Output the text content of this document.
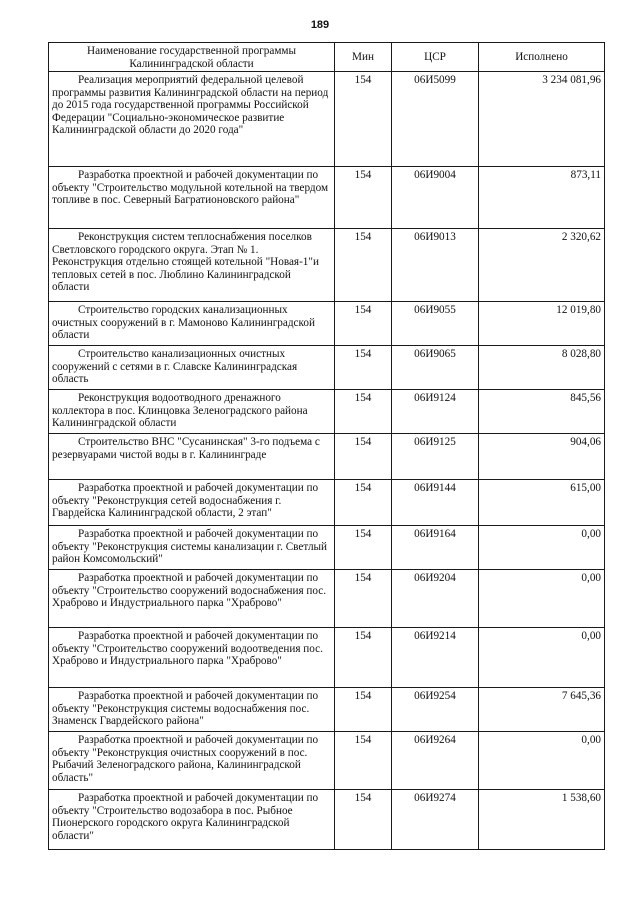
189
Наименование государственной программы Калининградской области	Мин	ЦСР	Исполнено
Реализация мероприятий федеральной целевой программы развития Калининградской области на период до 2015 года государственной программы Российской Федерации "Социально-экономическое развитие Калининградской области до 2020 года"	154	06И5099	3 234 081,96
Разработка проектной и рабочей документации по объекту "Строительство модульной котельной на твердом топливе в пос. Северный Багратионовского района"	154	06И9004	873,11
Реконструкция систем теплоснабжения поселков Светловского городского округа. Этап № 1. Реконструкция отдельно стоящей котельной "Новая-1"и тепловых сетей в пос. Люблино Калининградской области	154	06И9013	2 320,62
Строительство городских канализационных очистных сооружений в г. Мамоново Калининградской области	154	06И9055	12 019,80
Строительство канализационных очистных сооружений с сетями в г. Славске Калининградская область	154	06И9065	8 028,80
Реконструкция водоотводного дренажного коллектора в пос. Клинцовка Зеленоградского района Калининградской области	154	06И9124	845,56
Строительство ВНС "Сусанинская" 3-го подъема с резервуарами чистой воды в г. Калининграде	154	06И9125	904,06
Разработка проектной и рабочей документации по объекту "Реконструкция сетей водоснабжения г. Гвардейска Калининградской области, 2 этап"	154	06И9144	615,00
Разработка проектной и рабочей документации по объекту "Реконструкция системы канализации г. Светлый район Комсомольский"	154	06И9164	0,00
Разработка проектной и рабочей документации по объекту "Строительство сооружений водоснабжения пос. Храброво и Индустриального парка "Храброво"	154	06И9204	0,00
Разработка проектной и рабочей документации по объекту "Строительство сооружений водоотведения пос. Храброво и Индустриального парка "Храброво"	154	06И9214	0,00
Разработка проектной и рабочей документации по объекту "Реконструкция системы водоснабжения пос. Знаменск Гвардейского района"	154	06И9254	7 645,36
Разработка проектной и рабочей документации по объекту "Реконструкция очистных сооружений в пос. Рыбачий Зеленоградского района, Калининградской область"	154	06И9264	0,00
Разработка проектной и рабочей документации по объекту "Строительство водозабора в пос. Рыбное Пионерского городского округа Калининградской области"	154	06И9274	1 538,60
